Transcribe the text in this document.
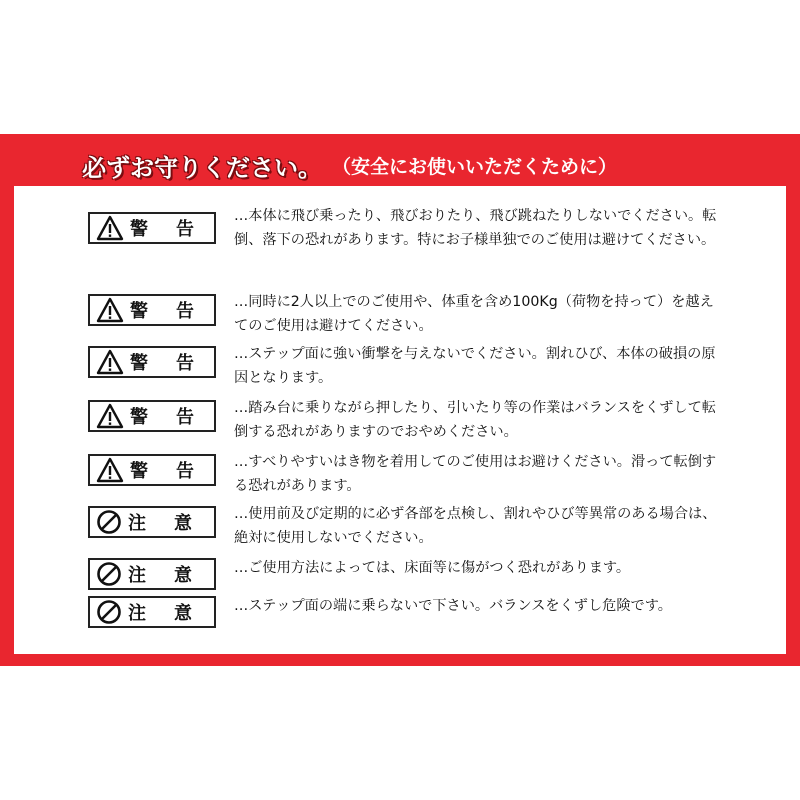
必ずお守りください。 （安全にお使いいただくために）
警告
…本体に飛び乗ったり、飛びおりたり、飛び跳ねたりしないでください。転倒、落下の恐れがあります。特にお子様単独でのご使用は避けてください。
警告 …同時に2人以上でのご使用や、体重を含め100Kg（荷物を持って）を越えてのご使用は避けてください。
警告 …ステップ面に強い衝撃を与えないでください。割れひび、本体の破損の原因となります。
警告 …踏み台に乗りながら押したり、引いたり等の作業はバランスをくずして転倒する恐れがありますのでおやめください。
警告 …すべりやすいはき物を着用してのご使用はお避けください。滑って転倒する恐れがあります。
注意 …使用前及び定期的に必ず各部を点検し、割れやひび等異常のある場合は、絶対に使用しないでください。
注意 …ご使用方法によっては、床面等に傷がつく恐れがあります。
注意 …ステップ面の端に乗らないで下さい。バランスをくずし危険です。
